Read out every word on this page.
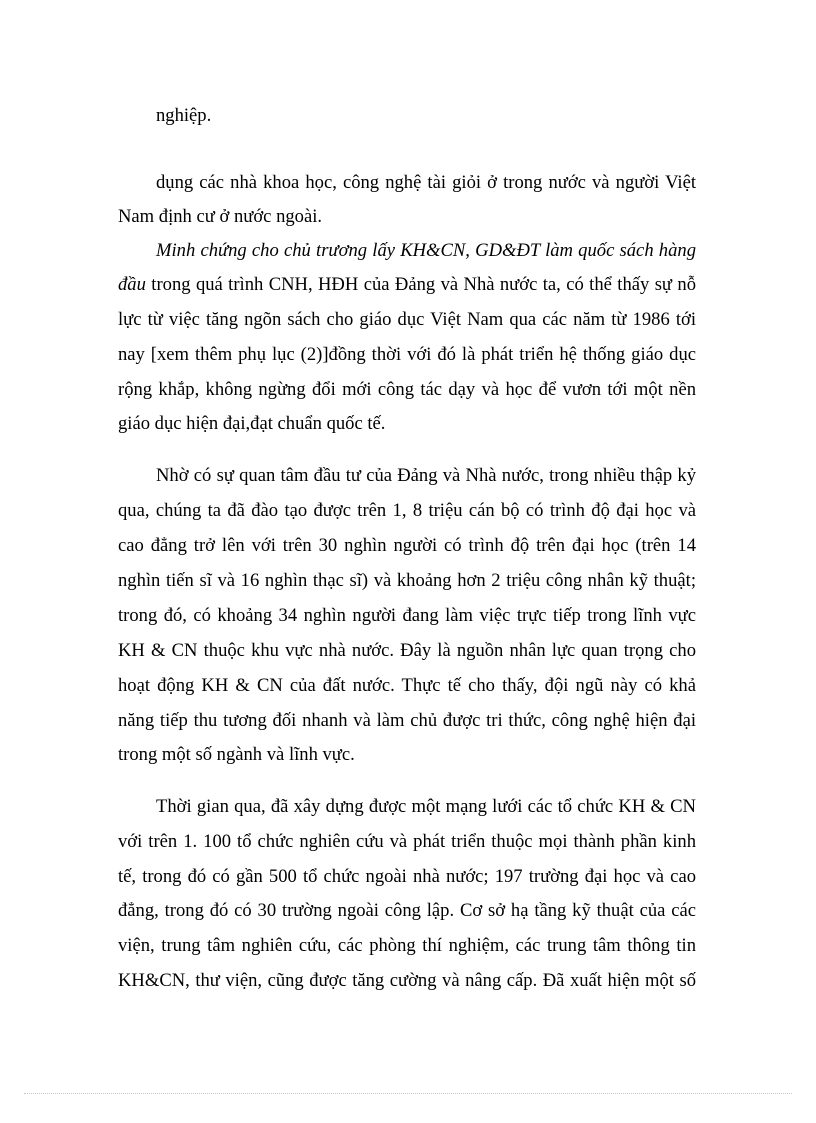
nghiệp.
dụng các nhà khoa học, công nghệ tài giỏi ở trong nước và người Việt
Nam định cư ở nước ngoài.
Minh chứng cho chủ trương lấy KH&CN, GD&ĐT làm quốc sách hàng
đầu trong quá trình CNH, HĐH của Đảng và Nhà nước ta, có thể thấy sự nỗ
lực từ việc tăng ngõn sách cho giáo dục Việt Nam qua các năm từ 1986 tới
nay [xem thêm phụ lục (2)]đồng thời với đó là phát triển hệ thống giáo dục
rộng khắp, không ngừng đổi mới công tác dạy và học để vươn tới một nền
giáo dục hiện đại,đạt chuẩn quốc tế.
Nhờ có sự quan tâm đầu tư của Đảng và Nhà nước, trong nhiều thập kỷ
qua, chúng ta đã đào tạo được trên 1, 8 triệu cán bộ có trình độ đại học và
cao đẳng trở lên với trên 30 nghìn người có trình độ trên đại học (trên 14
nghìn tiến sĩ và 16 nghìn thạc sĩ) và khoảng hơn 2 triệu công nhân kỹ thuật;
trong đó, có khoảng 34 nghìn người đang làm việc trực tiếp trong lĩnh vực
KH & CN thuộc khu vực nhà nước. Đây là nguồn nhân lực quan trọng cho
hoạt động KH & CN của đất nước. Thực tế cho thấy, đội ngũ này có khả
năng tiếp thu tương đối nhanh và làm chủ được tri thức, công nghệ hiện đại
trong một số ngành và lĩnh vực.
Thời gian qua, đã xây dựng được một mạng lưới các tổ chức KH & CN
với trên 1. 100 tổ chức nghiên cứu và phát triển thuộc mọi thành phần kinh
tế, trong đó có gần 500 tổ chức ngoài nhà nước; 197 trường đại học và cao
đẳng, trong đó có 30 trường ngoài công lập. Cơ sở hạ tầng kỹ thuật của các
viện, trung tâm nghiên cứu, các phòng thí nghiệm, các trung tâm thông tin
KH&CN, thư viện, cũng được tăng cường và nâng cấp. Đã xuất hiện một số
